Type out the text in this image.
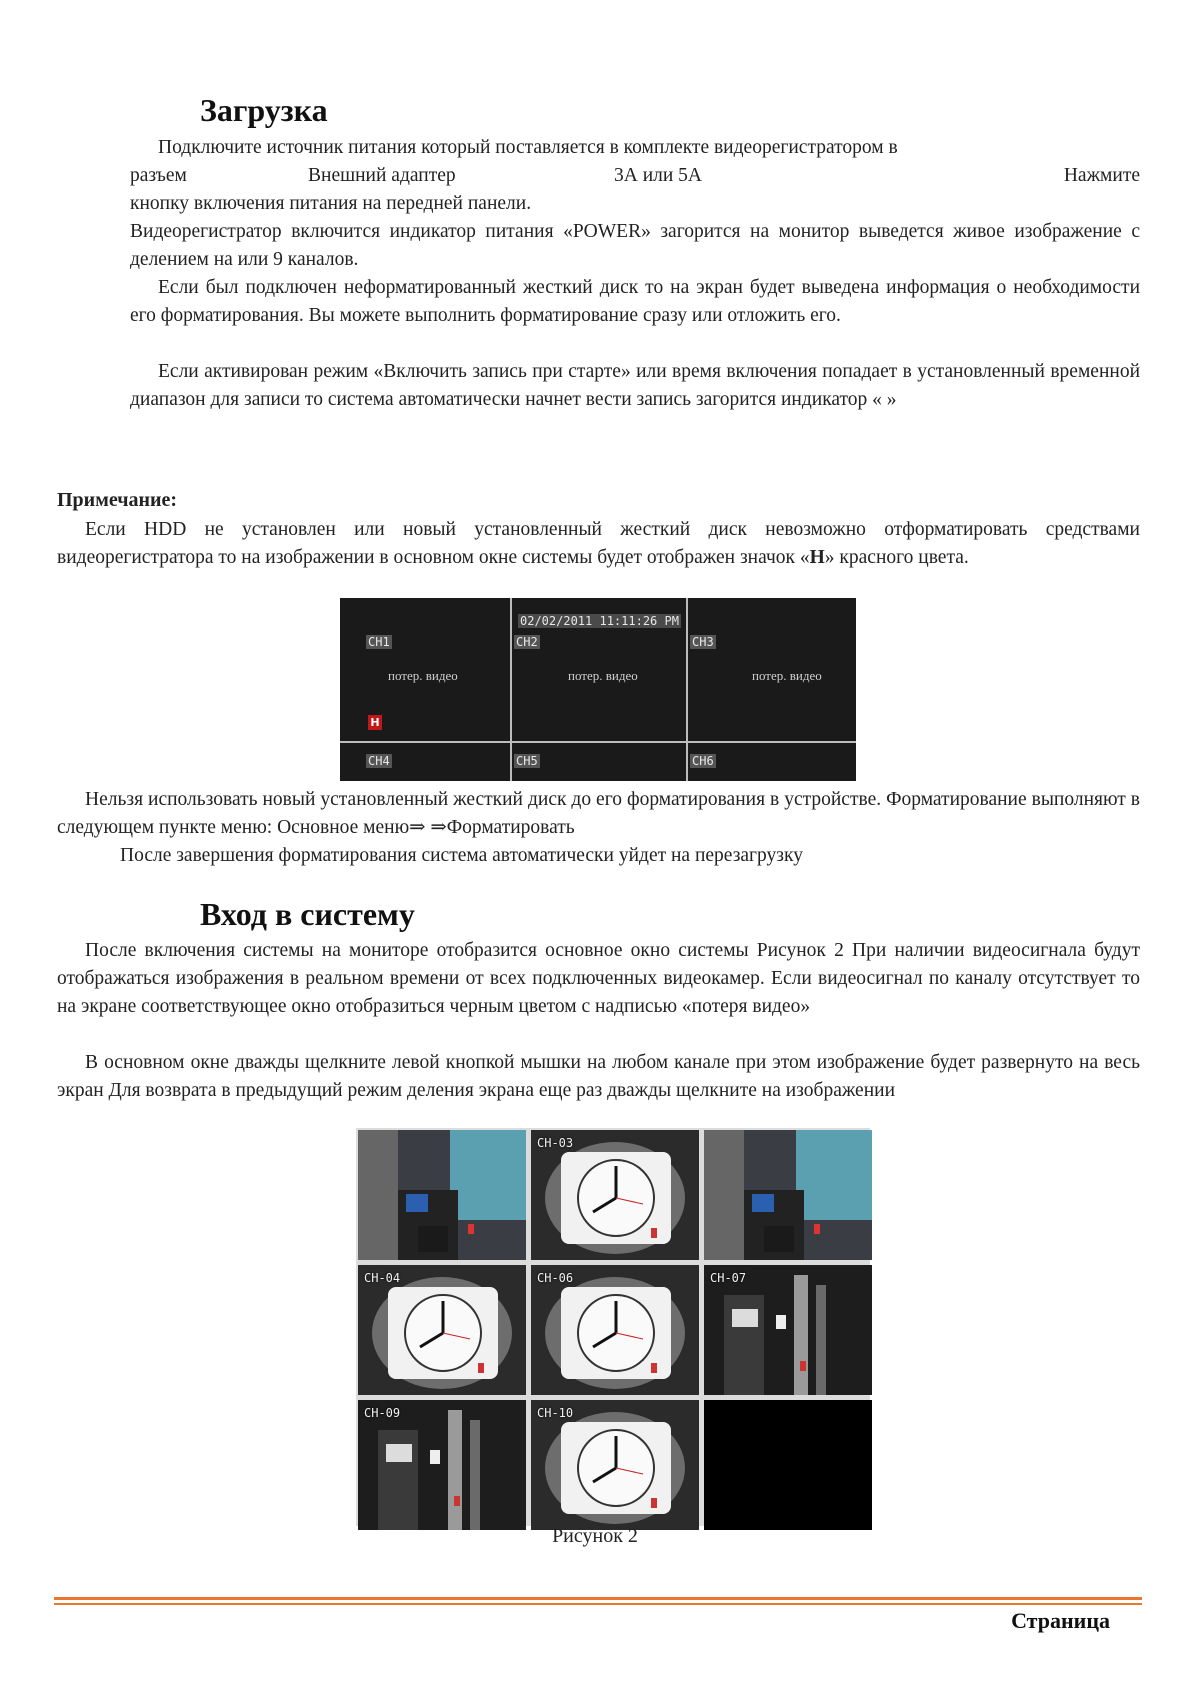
Загрузка

Подключите источник питания который поставляется в комплекте видеорегистратором в

разъем	Внешний адаптер	3А или 5А	Нажмите

кнопку включения питания на передней панели.

Видеорегистратор включится индикатор питания «POWER» загорится на монитор выведется живое изображение с делением на или 9 каналов.

Если был подключен неформатированный жесткий диск то на экран будет выведена информация о необходимости его форматирования. Вы можете выполнить форматирование сразу или отложить его.

Если активирован режим «Включить запись при старте» или время включения попадает в установленный временной диапазон для записи то система автоматически начнет вести запись загорится индикатор « »

Примечание:

Если HDD не установлен или новый установленный жесткий диск невозможно отформатировать средствами видеорегистратора то на изображении в основном окне системы будет отображен значок «H» красного цвета.

02/02/2011 11:11:26 PM
CH1	CH2	CH3
потер. видео	потер. видео	потер. видео
H
CH4	CH5	CH6

Нельзя использовать новый установленный жесткий диск до его форматирования в устройстве. Форматирование выполняют в следующем пункте меню: Основное меню⇒ ⇒Форматировать

После завершения форматирования система автоматически уйдет на перезагрузку

Вход в систему

После включения системы на мониторе отобразится основное окно системы Рисунок 2 При наличии видеосигнала будут отображаться изображения в реальном времени от всех подключенных видеокамер. Если видеосигнал по каналу отсутствует то на экране соответствующее окно отобразиться черным цветом с надписью «потеря видео»

В основном окне дважды щелкните левой кнопкой мышки на любом канале при этом изображение будет развернуто на весь экран Для возврата в предыдущий режим деления экрана еще раз дважды щелкните на изображении

CH-03
CH-04	CH-06	CH-07
CH-09	CH-10
Рисунок 2
Страница
